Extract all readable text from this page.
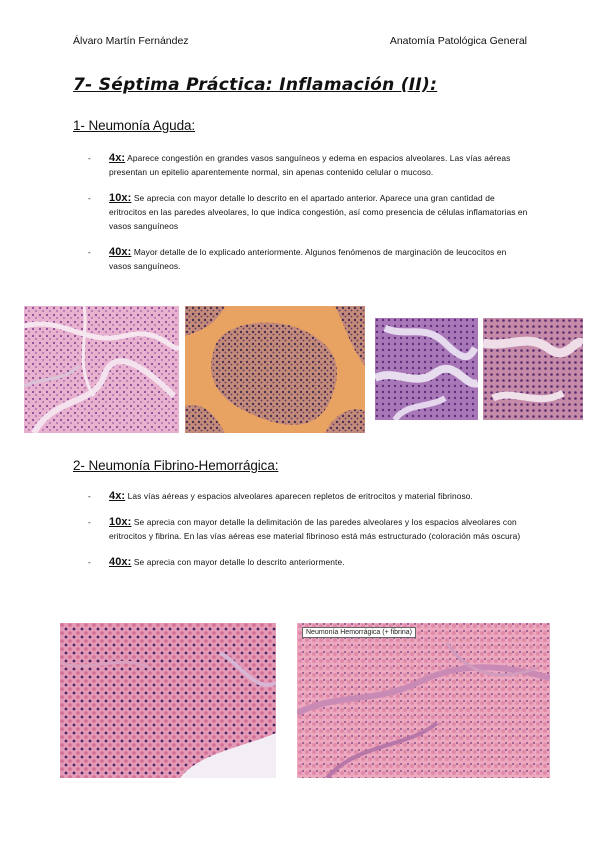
Álvaro Martín Fernández	Anatomía Patológica General
7- Séptima Práctica: Inflamación (II):
1- Neumonía Aguda:
- 4x: Aparece congestión en grandes vasos sanguíneos y edema en espacios alveolares. Las vías aéreas presentan un epitelio aparentemente normal, sin apenas contenido celular o mucoso.
- 10x: Se aprecia con mayor detalle lo descrito en el apartado anterior. Aparece una gran cantidad de eritrocitos en las paredes alveolares, lo que indica congestión, así como presencia de células inflamatorias en vasos sanguíneos
- 40x: Mayor detalle de lo explicado anteriormente. Algunos fenómenos de marginación de leucocitos en vasos sanguíneos.
2- Neumonía Fibrino-Hemorrágica:
- 4x: Las vías aéreas y espacios alveolares aparecen repletos de eritrocitos y material fibrinoso.
- 10x: Se aprecia con mayor detalle la delimitación de las paredes alveolares y los espacios alveolares con eritrocitos y fibrina. En las vías aéreas ese material fibrinoso está más estructurado (coloración más oscura)
- 40x: Se aprecia con mayor detalle lo descrito anteriormente.
Neumonía Hemorrágica (+ fibrina)
